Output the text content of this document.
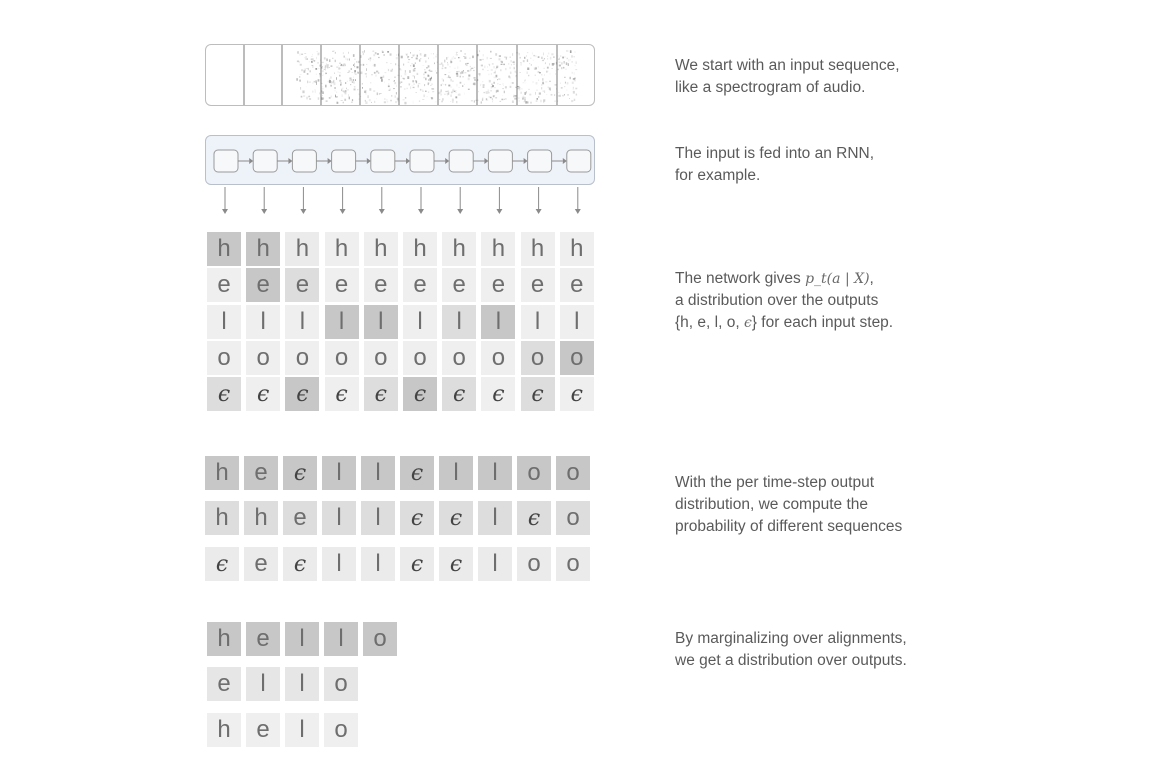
We start with an input sequence,
like a spectrogram of audio.
The input is fed into an RNN,
for example.
The network gives p_t(a | X),
a distribution over the outputs
{h, e, l, o, ϵ} for each input step.
With the per time-step output
distribution, we compute the
probability of different sequences
By marginalizing over alignments,
we get a distribution over outputs.
h	h	h	h	h	h	h	h	h	h
e	e	e	e	e	e	e	e	e	e
l	l	l	l	l	l	l	l	l	l
o	o	o	o	o	o	o	o	o	o
ϵ	ϵ	ϵ	ϵ	ϵ	ϵ	ϵ	ϵ	ϵ	ϵ
h	e	ϵ	l	l	ϵ	l	l	o	o
h	h	e	l	l	ϵ	ϵ	l	ϵ	o
ϵ	e	ϵ	l	l	ϵ	ϵ	l	o	o
h	e	l	l	o
e	l	l	o
h	e	l	o
